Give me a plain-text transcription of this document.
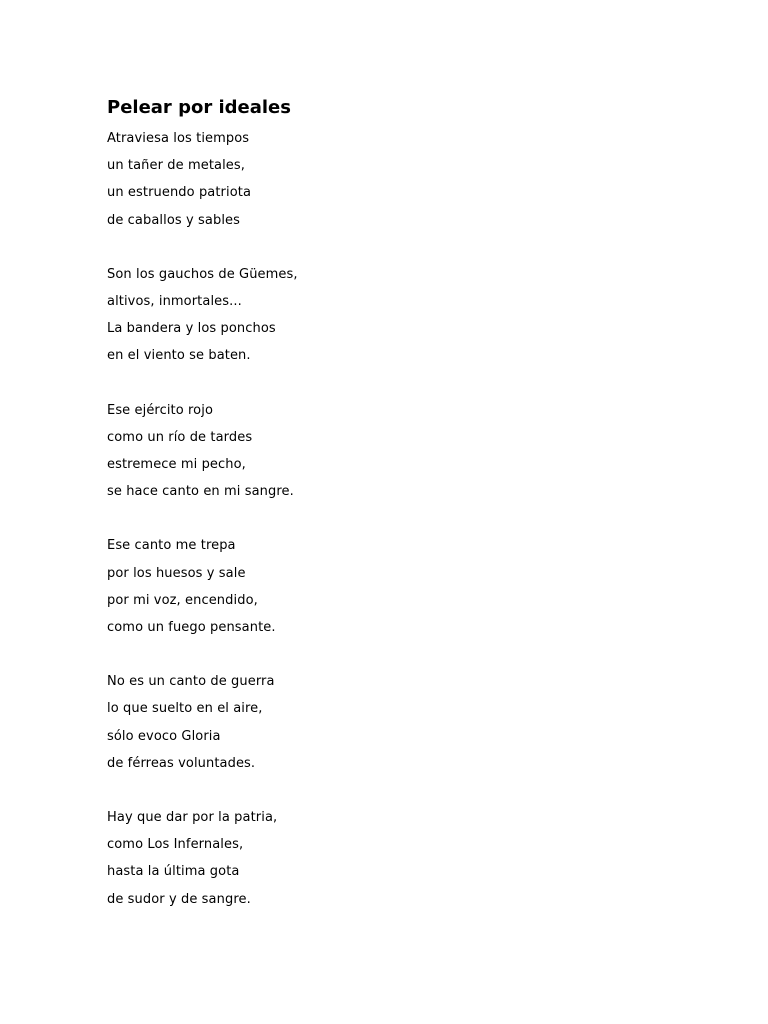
Pelear por ideales
Atraviesa los tiempos
un tañer de metales,
un estruendo patriota
de caballos y sables
Son los gauchos de Güemes,
altivos, inmortales...
La bandera y los ponchos
en el viento se baten.
Ese ejército rojo
como un río de tardes
estremece mi pecho,
se hace canto en mi sangre.
Ese canto me trepa
por los huesos y sale
por mi voz, encendido,
como un fuego pensante.
No es un canto de guerra
lo que suelto en el aire,
sólo evoco Gloria
de férreas voluntades.
Hay que dar por la patria,
como Los Infernales,
hasta la última gota
de sudor y de sangre.
